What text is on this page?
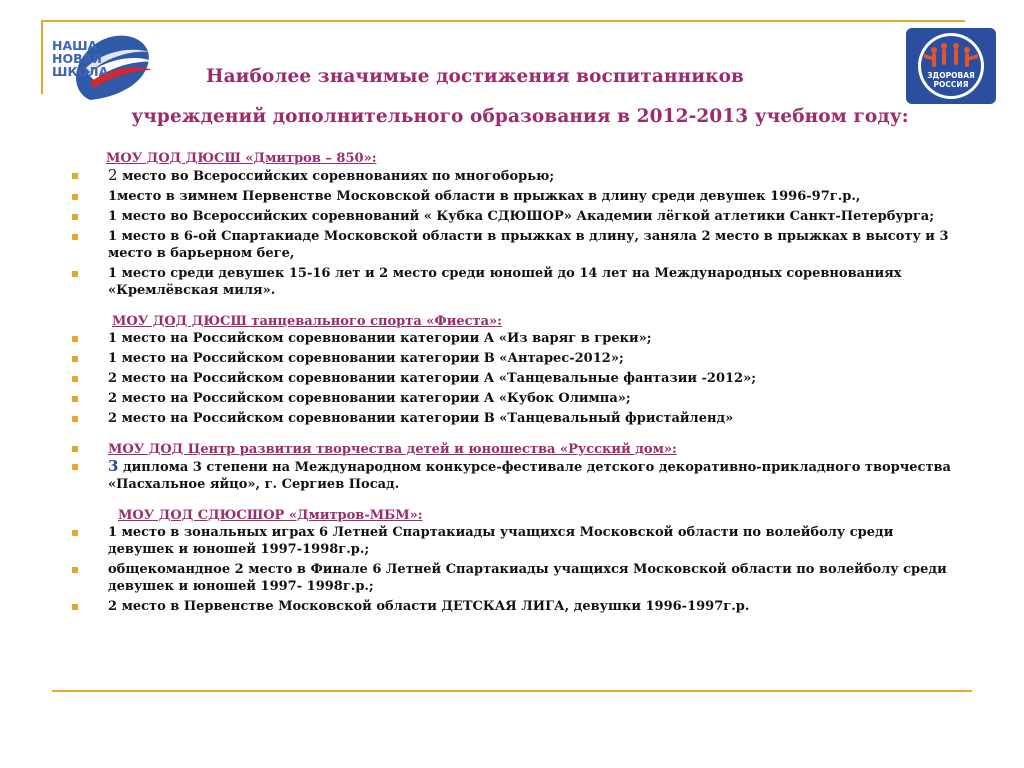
НАША
НОВАЯ
ШКОЛА	ЗДОРОВАЯ
РОССИЯ
Наиболее значимые достижения воспитанников
учреждений дополнительного образования в 2012-2013 учебном году:

МОУ ДОД ДЮСШ «Дмитров – 850»:

2 место во Всероссийских соревнованиях по многоборью;
1место в зимнем Первенстве Московской области в прыжках в длину среди девушек 1996-97г.р.,
1 место во Всероссийских соревнований « Кубка СДЮШОР» Академии лёгкой атлетики Санкт-Петербурга;
1 место в 6-ой Спартакиаде Московской области в прыжках в длину, заняла 2 место в прыжках в высоту и 3 место в барьерном беге,
1 место среди девушек 15-16 лет и 2 место среди юношей до 14 лет на Международных соревнованиях «Кремлёвская миля».

МОУ ДОД ДЮСШ танцевального спорта «Фиеста»:

1 место на Российском соревновании категории А «Из варяг в греки»;
1 место на Российском соревновании категории В «Антарес-2012»;
2 место на Российском соревновании категории А «Танцевальные фантазии -2012»;
2 место на Российском соревновании категории А «Кубок Олимпа»;
2 место на Российском соревновании категории В «Танцевальный фристайленд»

МОУ ДОД Центр развития творчества детей и юношества «Русский дом»:

3 диплома 3 степени на Международном конкурсе-фестивале детского декоративно-прикладного творчества «Пасхальное яйцо», г. Сергиев Посад.

МОУ ДОД СДЮСШОР «Дмитров-МБМ»:

1 место в зональных играх 6 Летней Спартакиады учащихся Московской области по волейболу среди девушек и юношей 1997-1998г.р.;
общекомандное 2 место в Финале 6 Летней Спартакиады учащихся Московской области по волейболу среди девушек и юношей 1997- 1998г.р.;
2 место в Первенстве Московской области ДЕТСКАЯ ЛИГА, девушки 1996-1997г.р.
